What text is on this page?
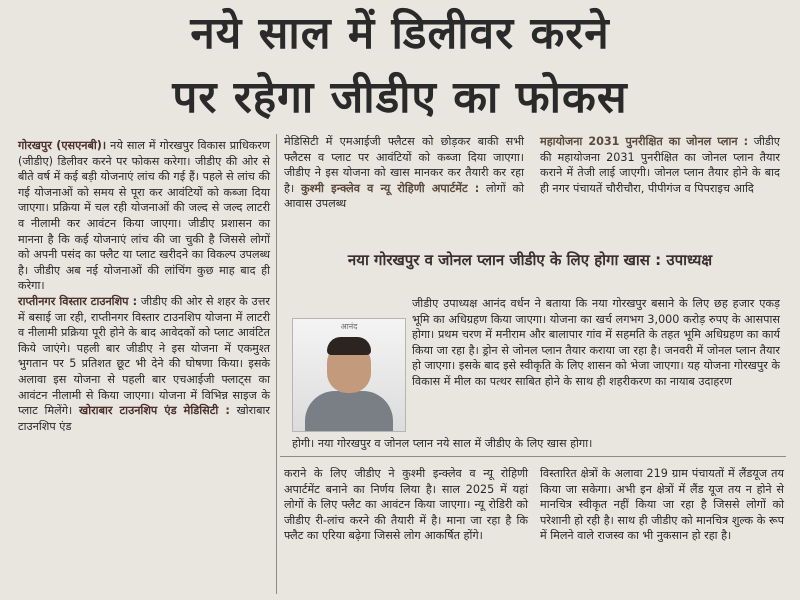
नये साल में डिलीवर करने
पर रहेगा जीडीए का फोकस

गोरखपुर (एसएनबी)। नये साल में गोरखपुर विकास प्राधिकरण (जीडीए) डिलीवर करने पर फोकस करेगा। जीडीए की ओर से बीते वर्ष में कई बड़ी योजनाएं लांच की गई हैं। पहले से लांच की गई योजनाओं को समय से पूरा कर आवंटियों को कब्जा दिया जाएगा। प्रक्रिया में चल रही योजनाओं की जल्द से जल्द लाटरी व नीलामी कर आवंटन किया जाएगा। जीडीए प्रशासन का मानना है कि कई योजनाएं लांच की जा चुकी है जिससे लोगों को अपनी पसंद का फ्लैट या प्लाट खरीदने का विकल्प उपलब्ध है। जीडीए अब नई योजनाओं की लांचिंग कुछ माह बाद ही करेगा।

राप्तीनगर विस्तार टाउनशिप : जीडीए की ओर से शहर के उत्तर में बसाई जा रही, राप्तीनगर विस्तार टाउनशिप योजना में लाटरी व नीलामी प्रक्रिया पूरी होने के बाद आवेदकों को प्लाट आवंटित किये जाएंगे। पहली बार जीडीए ने इस योजना में एकमुश्त भुगतान पर 5 प्रतिशत छूट भी देने की घोषणा किया। इसके अलावा इस योजना से पहली बार एचआईजी फ्लाट्स का आवंटन नीलामी से किया जाएगा। योजना में विभिन्न साइज के प्लाट मिलेंगे। खोराबार टाउनशिप एंड मेडिसिटी : खोराबार टाउनशिप एंड

मेडिसिटी में एमआईजी फ्लैटस को छोड़कर बाकी सभी फ्लैटस व प्लाट पर आवंटियों को कब्जा दिया जाएगा। जीडीए ने इस योजना को खास मानकर कर तैयारी कर रहा है। कुश्मी इन्क्लेव व न्यू रोहिणी अपार्टमेंट : लोगों को आवास उपलब्ध

महायोजना 2031 पुनरीक्षित का जोनल प्लान : जीडीए की महायोजना 2031 पुनरीक्षित का जोनल प्लान तैयार कराने में तेजी लाई जाएगी। जोनल प्लान तैयार होने के बाद ही नगर पंचायतें चौरीचौरा, पीपीगंज व पिपराइच आदि

नया गोरखपुर व जोनल प्लान जीडीए के लिए होगा खास : उपाध्यक्ष
आनंद
जीडीए उपाध्यक्ष आनंद वर्धन ने बताया कि नया गोरखपुर बसाने के लिए छह हजार एकड़ भूमि का अधिग्रहण किया जाएगा। योजना का खर्च लगभग 3,000 करोड़ रुपए के आसपास होगा। प्रथम चरण में मनीराम और बालापार गांव में सहमति के तहत भूमि अधिग्रहण का कार्य किया जा रहा है। ड्रोन से जोनल प्लान तैयार कराया जा रहा है। जनवरी में जोनल प्लान तैयार हो जाएगा। इसके बाद इसे स्वीकृति के लिए शासन को भेजा जाएगा। यह योजना गोरखपुर के विकास में मील का पत्थर साबित होने के साथ ही शहरीकरण का नायाब उदाहरण
होगी। नया गोरखपुर व जोनल प्लान नये साल में जीडीए के लिए खास होगा।
कराने के लिए जीडीए ने कुश्मी इन्क्लेव व न्यू रोहिणी अपार्टमेंट बनाने का निर्णय लिया है। साल 2025 में यहां लोगों के लिए फ्लैट का आवंटन किया जाएगा। न्यू रोडिरी को जीडीए री-लांच करने की तैयारी में है। माना जा रहा है कि फ्लैट का एरिया बढ़ेगा जिससे लोग आकर्षित होंगे।
विस्तारित क्षेत्रों के अलावा 219 ग्राम पंचायतों में लैंडयूज तय किया जा सकेगा। अभी इन क्षेत्रों में लैंड यूज तय न होने से मानचित्र स्वीकृत नहीं किया जा रहा है जिससे लोगों को परेशानी हो रही है। साथ ही जीडीए को मानचित्र शुल्क के रूप में मिलने वाले राजस्व का भी नुकसान हो रहा है।
